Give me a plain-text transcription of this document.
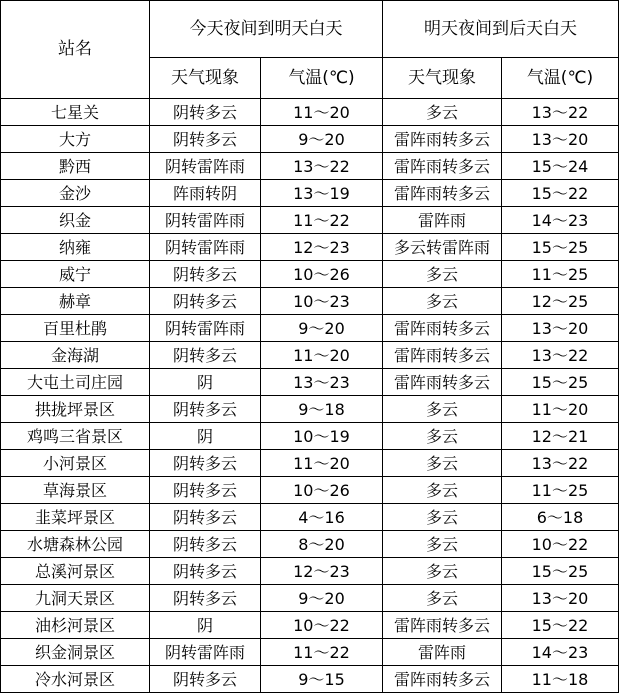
站名	今天夜间到明天白天		明天夜间到后天白天	
	天气现象	气温(℃)	天气现象	气温(℃)
七星关	阴转多云	11～20	多云	13～22
大方	阴转多云	9～20	雷阵雨转多云	13～20
黔西	阴转雷阵雨	13～22	雷阵雨转多云	15～24
金沙	阵雨转阴	13～19	雷阵雨转多云	15～22
织金	阴转雷阵雨	11～22	雷阵雨	14～23
纳雍	阴转雷阵雨	12～23	多云转雷阵雨	15～25
威宁	阴转多云	10～26	多云	11～25
赫章	阴转多云	10～23	多云	12～25
百里杜鹃	阴转雷阵雨	9～20	雷阵雨转多云	13～20
金海湖	阴转多云	11～20	雷阵雨转多云	13～22
大屯土司庄园	阴	13～23	雷阵雨转多云	15～25
拱拢坪景区	阴转多云	9～18	多云	11～20
鸡鸣三省景区	阴	10～19	多云	12～21
小河景区	阴转多云	11～20	多云	13～22
草海景区	阴转多云	10～26	多云	11～25
韭菜坪景区	阴转多云	4～16	多云	6～18
水塘森林公园	阴转多云	8～20	多云	10～22
总溪河景区	阴转多云	12～23	多云	15～25
九洞天景区	阴转多云	9～20	多云	13～20
油杉河景区	阴	10～22	雷阵雨转多云	15～22
织金洞景区	阴转雷阵雨	11～22	雷阵雨	14～23
冷水河景区	阴转多云	9～15	雷阵雨转多云	11～18
